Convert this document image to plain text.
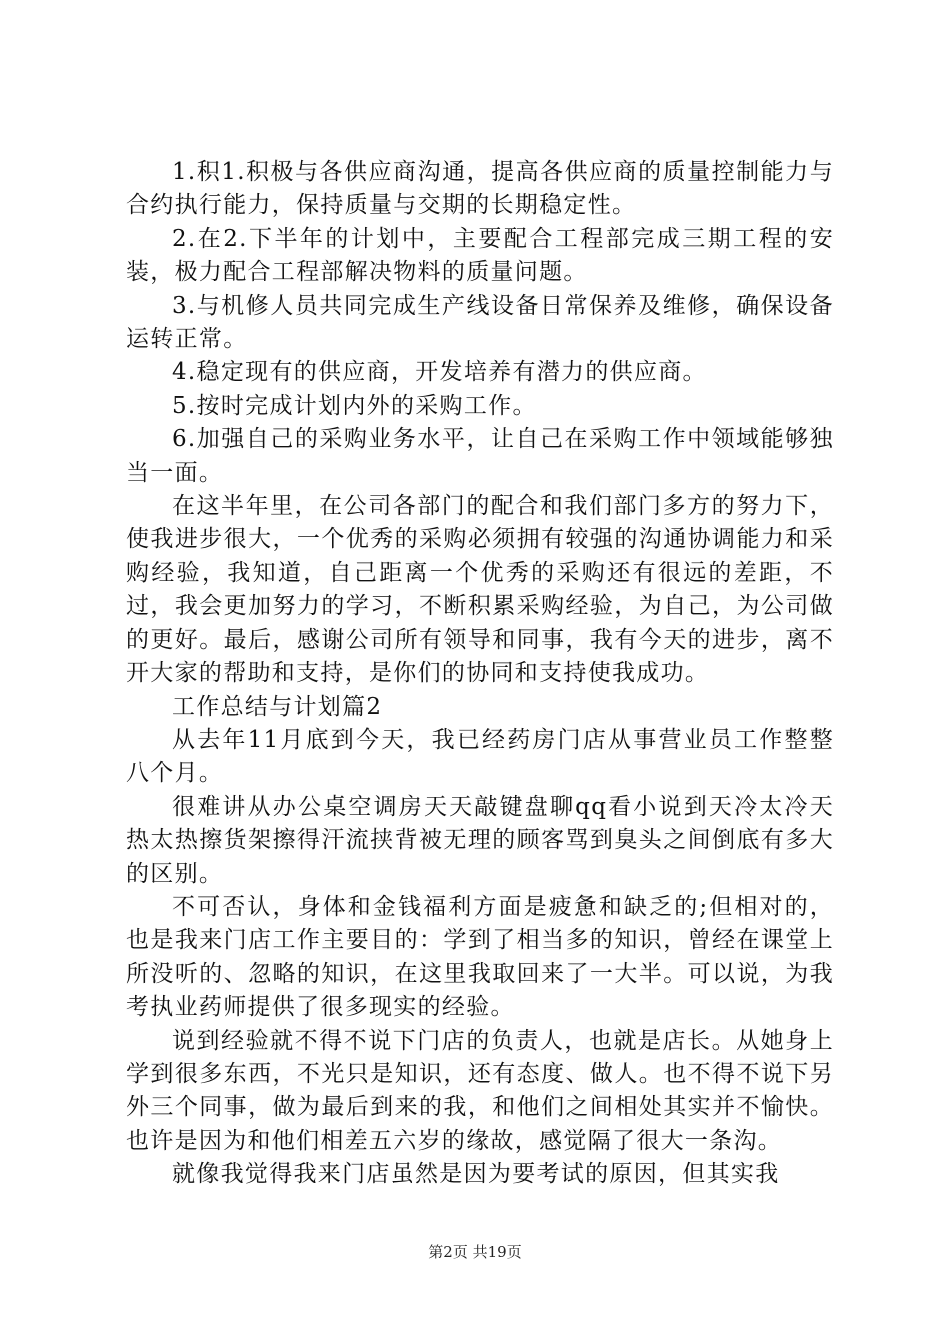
1.积1.积极与各供应商沟通，提高各供应商的质量控制能力与合约执行能力，保持质量与交期的长期稳定性。

2.在2.下半年的计划中，主要配合工程部完成三期工程的安装，极力配合工程部解决物料的质量问题。

3.与机修人员共同完成生产线设备日常保养及维修，确保设备运转正常。

4.稳定现有的供应商，开发培养有潜力的供应商。

5.按时完成计划内外的采购工作。

6.加强自己的采购业务水平，让自己在采购工作中领域能够独当一面。

在这半年里，在公司各部门的配合和我们部门多方的努力下，使我进步很大，一个优秀的采购必须拥有较强的沟通协调能力和采购经验，我知道，自己距离一个优秀的采购还有很远的差距，不过，我会更加努力的学习，不断积累采购经验，为自己，为公司做的更好。最后，感谢公司所有领导和同事，我有今天的进步，离不开大家的帮助和支持，是你们的协同和支持使我成功。

工作总结与计划篇2

从去年11月底到今天，我已经药房门店从事营业员工作整整八个月。

很难讲从办公桌空调房天天敲键盘聊qq看小说到天冷太冷天热太热擦货架擦得汗流挟背被无理的顾客骂到臭头之间倒底有多大的区别。

不可否认，身体和金钱福利方面是疲惫和缺乏的;但相对的，也是我来门店工作主要目的：学到了相当多的知识，曾经在课堂上所没听的、忽略的知识，在这里我取回来了一大半。可以说，为我考执业药师提供了很多现实的经验。

说到经验就不得不说下门店的负责人，也就是店长。从她身上学到很多东西，不光只是知识，还有态度、做人。也不得不说下另外三个同事，做为最后到来的我，和他们之间相处其实并不愉快。也许是因为和他们相差五六岁的缘故，感觉隔了很大一条沟。

就像我觉得我来门店虽然是因为要考试的原因，但其实我

第2页 共19页
